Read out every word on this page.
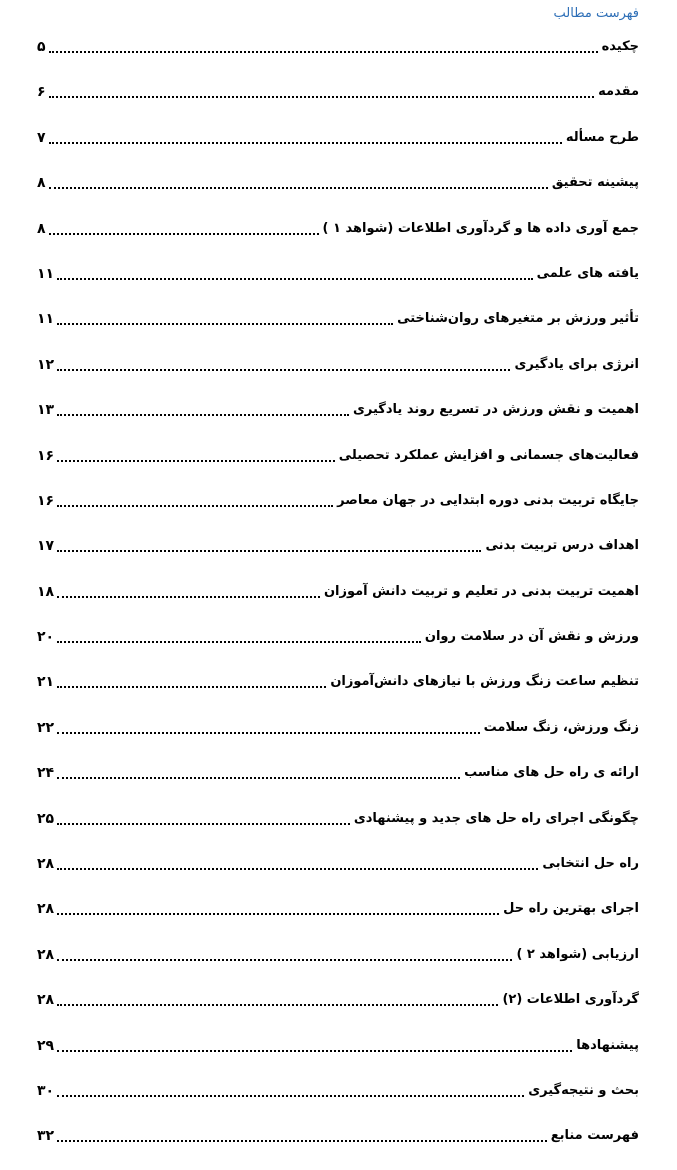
فهرست مطالب
چکیده
۵
مقدمه
۶
طرح مسأله
۷
پیشینه تحقیق
۸
جمع آوری داده ها و گردآوری اطلاعات (شواهد ۱ )
۸
یافته های علمی
۱۱
تأثیر ورزش بر متغیرهای روان‌شناختی
۱۱
انرژی برای یادگیری
۱۲
اهمیت و نقش ورزش در تسریع روند یادگیری
۱۳
فعالیت‌های جسمانی و افزایش عملکرد تحصیلی
۱۶
جایگاه تربیت بدنی دوره ابتدایی در جهان معاصر
۱۶
اهداف درس تربیت بدنی
۱۷
اهمیت تربیت بدنی در تعلیم و تربیت دانش آموزان
۱۸
ورزش و نقش آن در سلامت روان
۲۰
تنظیم ساعت زنگ ورزش با نیازهای دانش‌آموزان
۲۱
زنگ ورزش، زنگ سلامت
۲۲
ارائه ی راه حل های مناسب
۲۴
چگونگی اجرای راه حل های جدید و پیشنهادی
۲۵
راه حل انتخابی
۲۸
اجرای بهترین راه حل
۲۸
ارزیابی (شواهد ۲ )
۲۸
گردآوری اطلاعات (۲)
۲۸
پیشنهادها
۲۹
بحث و نتیجه‌گیری
۳۰
فهرست منابع
۳۲
